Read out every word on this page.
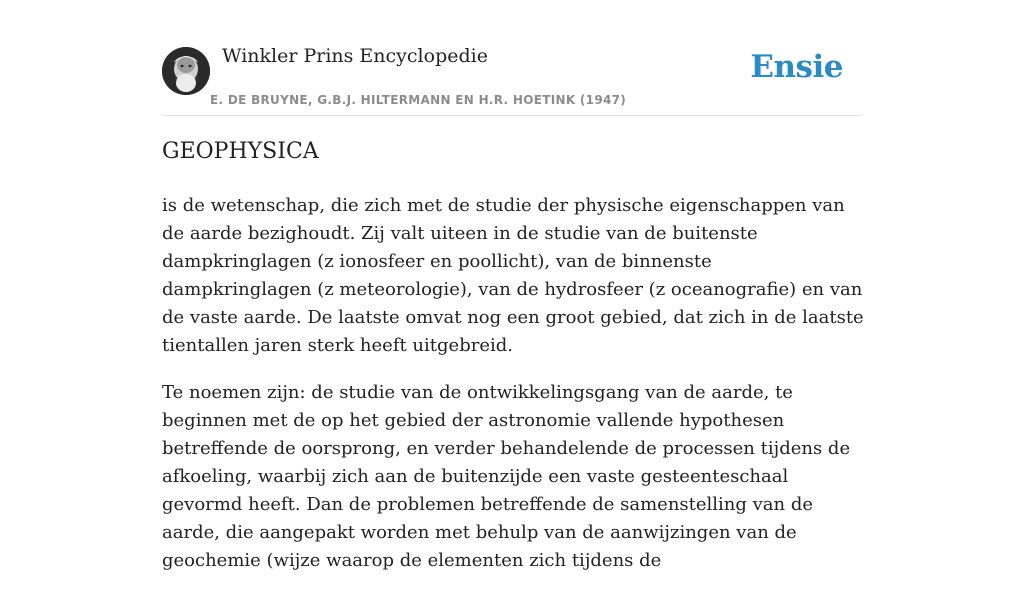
Winkler Prins Encyclopedie
E. DE BRUYNE, G.B.J. HILTERMANN EN H.R. HOETINK (1947)
Ensie
GEOPHYSICA

is de wetenschap, die zich met de studie der physische eigenschappen van de aarde bezighoudt. Zij valt uiteen in de studie van de buitenste dampkringlagen (z ionosfeer en poollicht), van de binnenste dampkringlagen (z meteorologie), van de hydrosfeer (z oceanografie) en van de vaste aarde. De laatste omvat nog een groot gebied, dat zich in de laatste tientallen jaren sterk heeft uitgebreid.

Te noemen zijn: de studie van de ontwikkelingsgang van de aarde, te beginnen met de op het gebied der astronomie vallende hypothesen betreffende de oorsprong, en verder behandelende de processen tijdens de afkoeling, waarbij zich aan de buitenzijde een vaste gesteenteschaal gevormd heeft. Dan de problemen betreffende de samenstelling van de aarde, die aangepakt worden met behulp van de aanwijzingen van de geochemie (wijze waarop de elementen zich tijdens de
